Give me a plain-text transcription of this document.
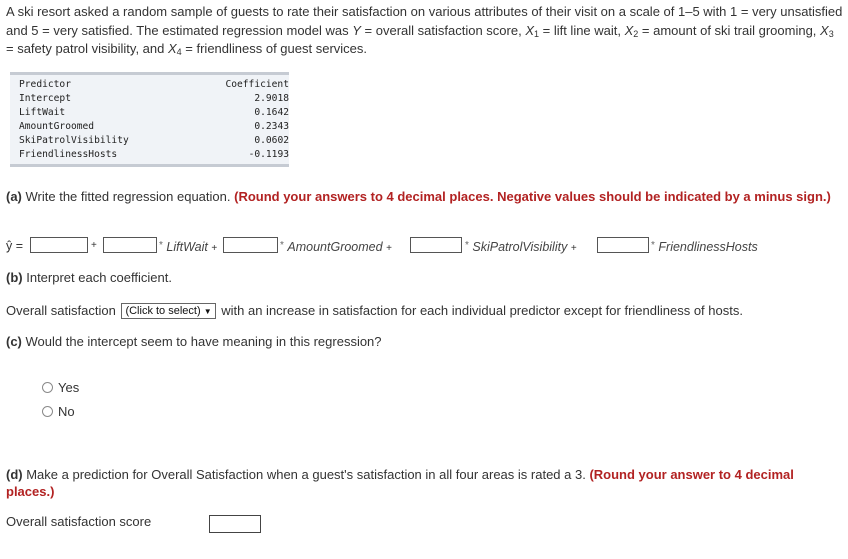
A ski resort asked a random sample of guests to rate their satisfaction on various attributes of their visit on a scale of 1–5 with 1 = very unsatisfied and 5 = very satisfied. The estimated regression model was Y = overall satisfaction score, $X_1$ = lift line wait, $X_2$ = amount of ski trail grooming, $X_3$ = safety patrol visibility, and $X_4$ = friendliness of guest services.
Predictor	Coefficient
Intercept	2.9018
LiftWait	0.1642
AmountGroomed	0.2343
SkiPatrolVisibility	0.0602
FriendlinessHosts	-0.1193
(a) Write the fitted regression equation. (Round your answers to 4 decimal places. Negative values should be indicated by a minus sign.)
ŷ =	+	* LiftWait +	* AmountGroomed +	* SkiPatrolVisibility +	* FriendlinessHosts
(b) Interpret each coefficient.
Overall satisfaction (Click to select) ▼ with an increase in satisfaction for each individual predictor except for friendliness of hosts.
(c) Would the intercept seem to have meaning in this regression?
Yes
No
(d) Make a prediction for Overall Satisfaction when a guest's satisfaction in all four areas is rated a 3. (Round your answer to 4 decimal places.)
Overall satisfaction score
